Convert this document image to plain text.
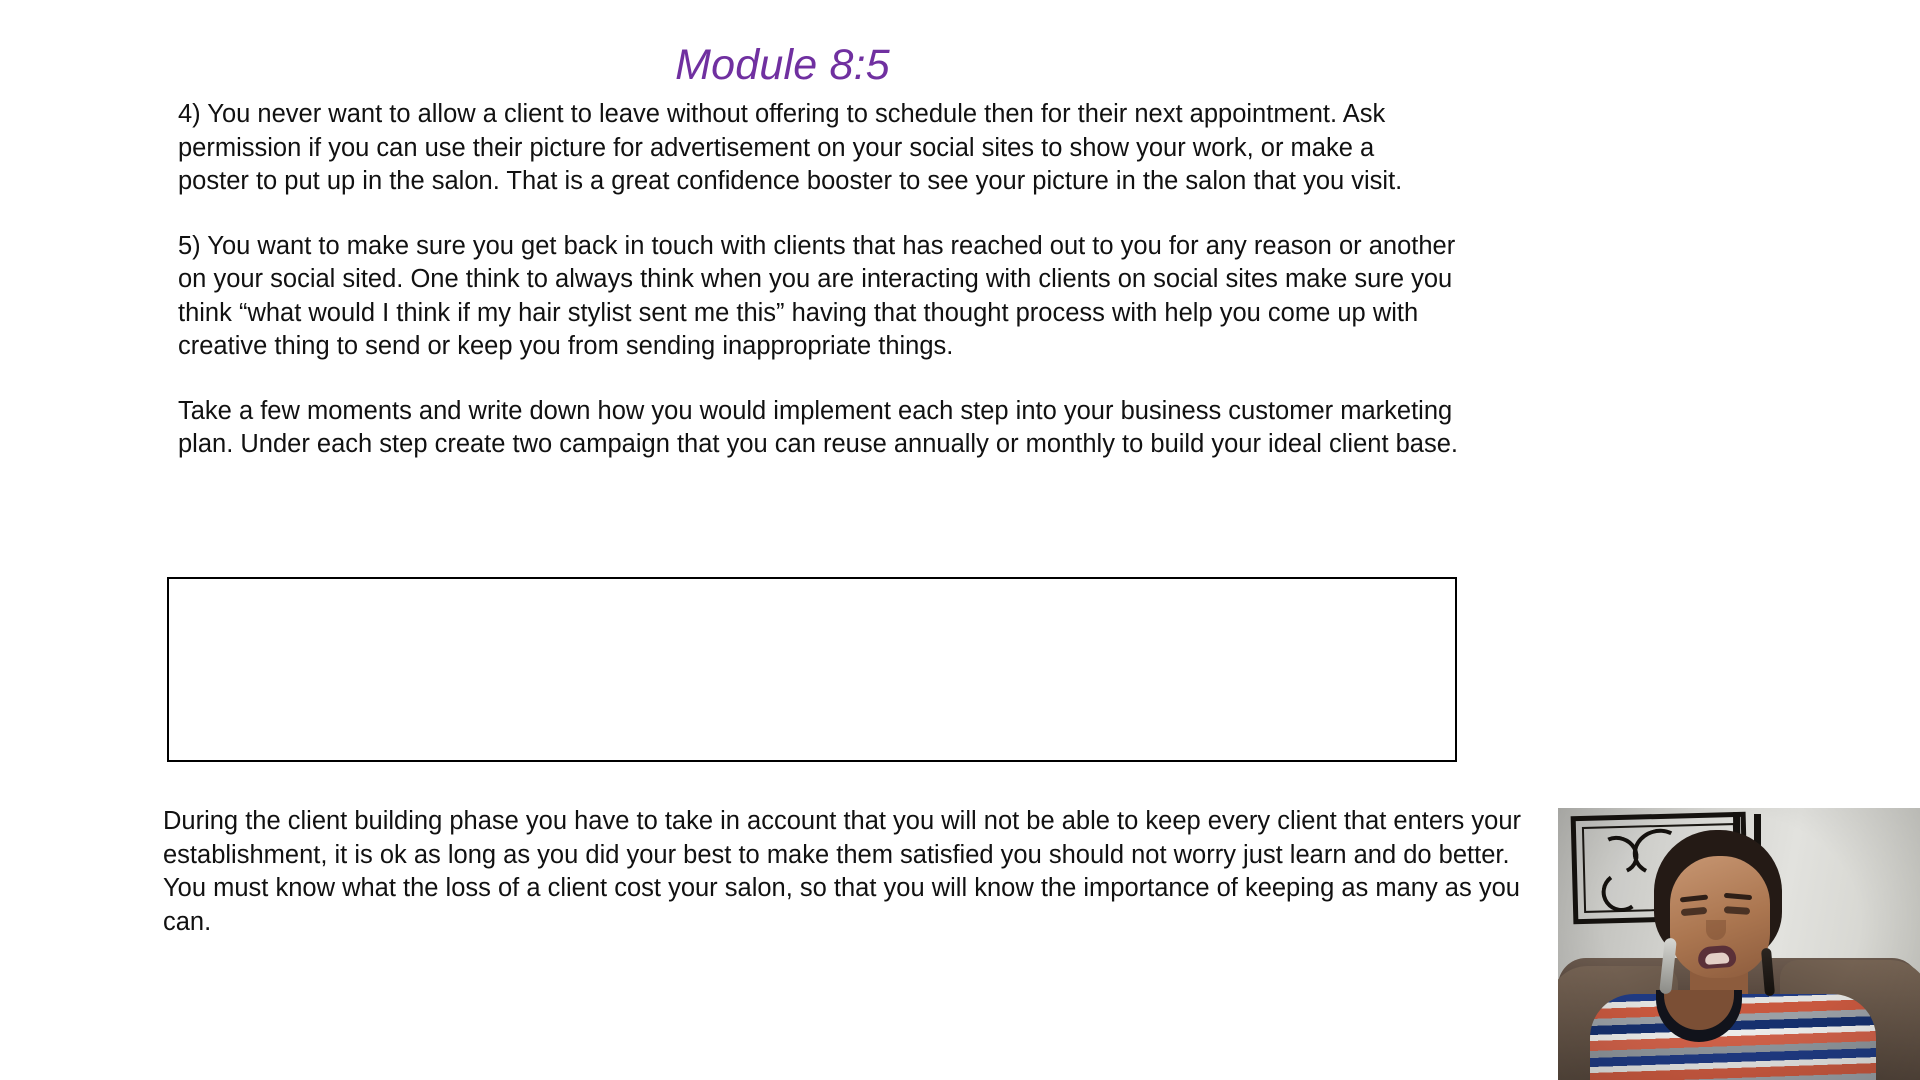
Module 8:5

4) You never want to allow a client to leave without offering to schedule then for their next appointment. Ask permission if you can use their picture for advertisement on your social sites to show your work, or make a poster to put up in the salon. That is a great confidence booster to see your picture in the salon that you visit.

5) You want to make sure you get back in touch with clients that has reached out to you for any reason or another on your social sited. One think to always think when you are interacting with clients on social sites make sure you think “what would I think if my hair stylist sent me this” having that thought process with help you come up with creative thing to send or keep you from sending inappropriate things.

Take a few moments and write down how you would implement each step into your business customer marketing plan. Under each step create two campaign that you can reuse annually or monthly to build your ideal client base.

During the client building phase you have to take in account that you will not be able to keep every client that enters your establishment, it is ok as long as you did your best to make them satisfied you should not worry just learn and do better. You must know what the loss of a client cost your salon, so that you will know the importance of keeping as many as you can.
